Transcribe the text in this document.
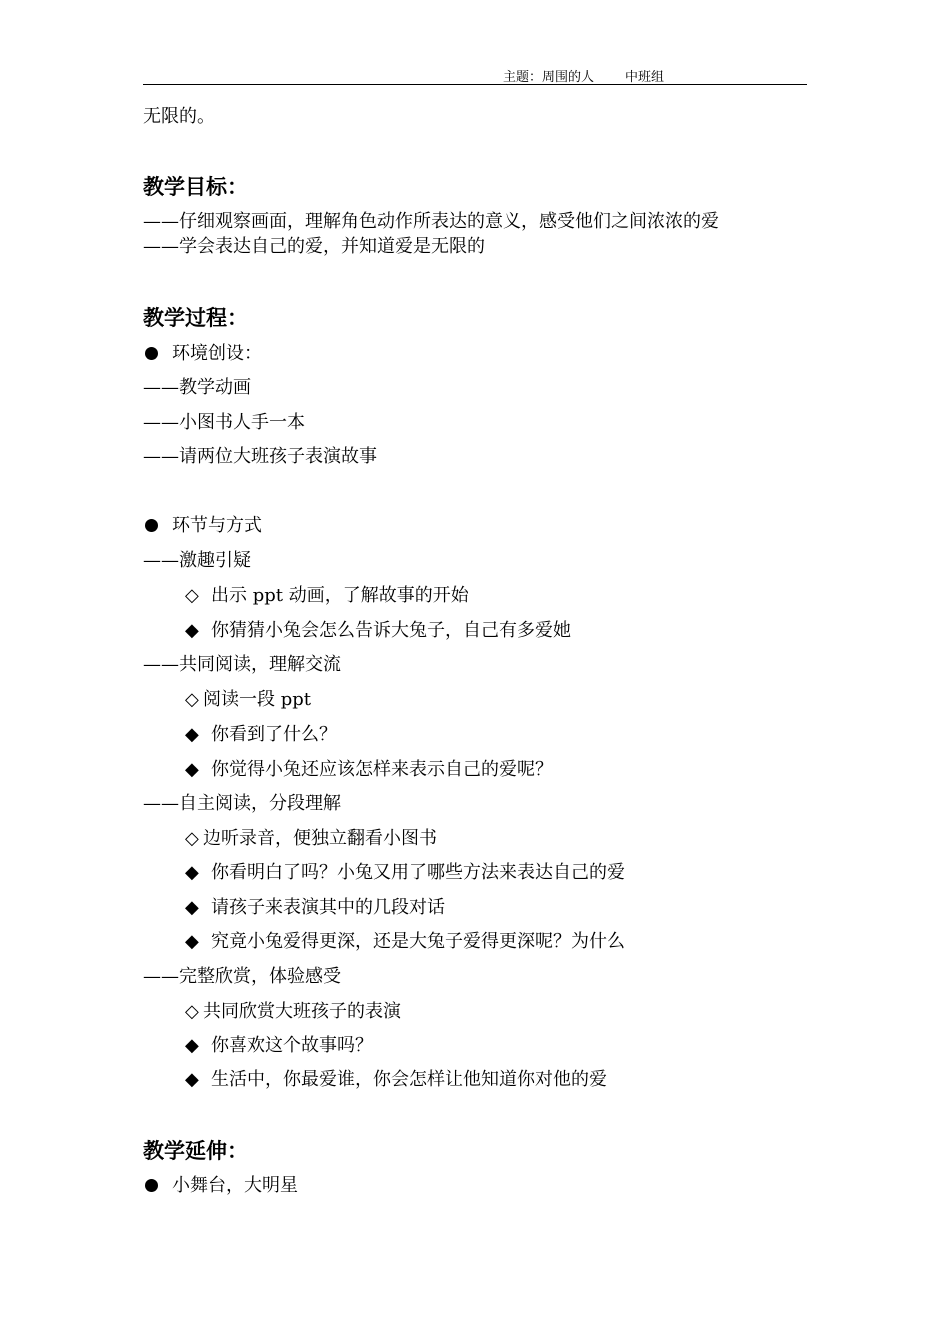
主题：周围的人 中班组
无限的。
教学目标：
——仔细观察画面，理解角色动作所表达的意义，感受他们之间浓浓的爱
——学会表达自己的爱，并知道爱是无限的
教学过程：
环境创设：
——教学动画
——小图书人手一本
——请两位大班孩子表演故事
环节与方式
——激趣引疑
◇ 出示 ppt 动画，了解故事的开始
◆ 你猜猜小兔会怎么告诉大兔子，自己有多爱她
——共同阅读，理解交流
◇ 阅读一段 ppt
◆ 你看到了什么？
◆ 你觉得小兔还应该怎样来表示自己的爱呢？
——自主阅读，分段理解
◇ 边听录音，便独立翻看小图书
◆ 你看明白了吗？小兔又用了哪些方法来表达自己的爱
◆ 请孩子来表演其中的几段对话
◆ 究竟小兔爱得更深，还是大兔子爱得更深呢？为什么
——完整欣赏，体验感受
◇ 共同欣赏大班孩子的表演
◆ 你喜欢这个故事吗？
◆ 生活中，你最爱谁，你会怎样让他知道你对他的爱
教学延伸：
小舞台，大明星
